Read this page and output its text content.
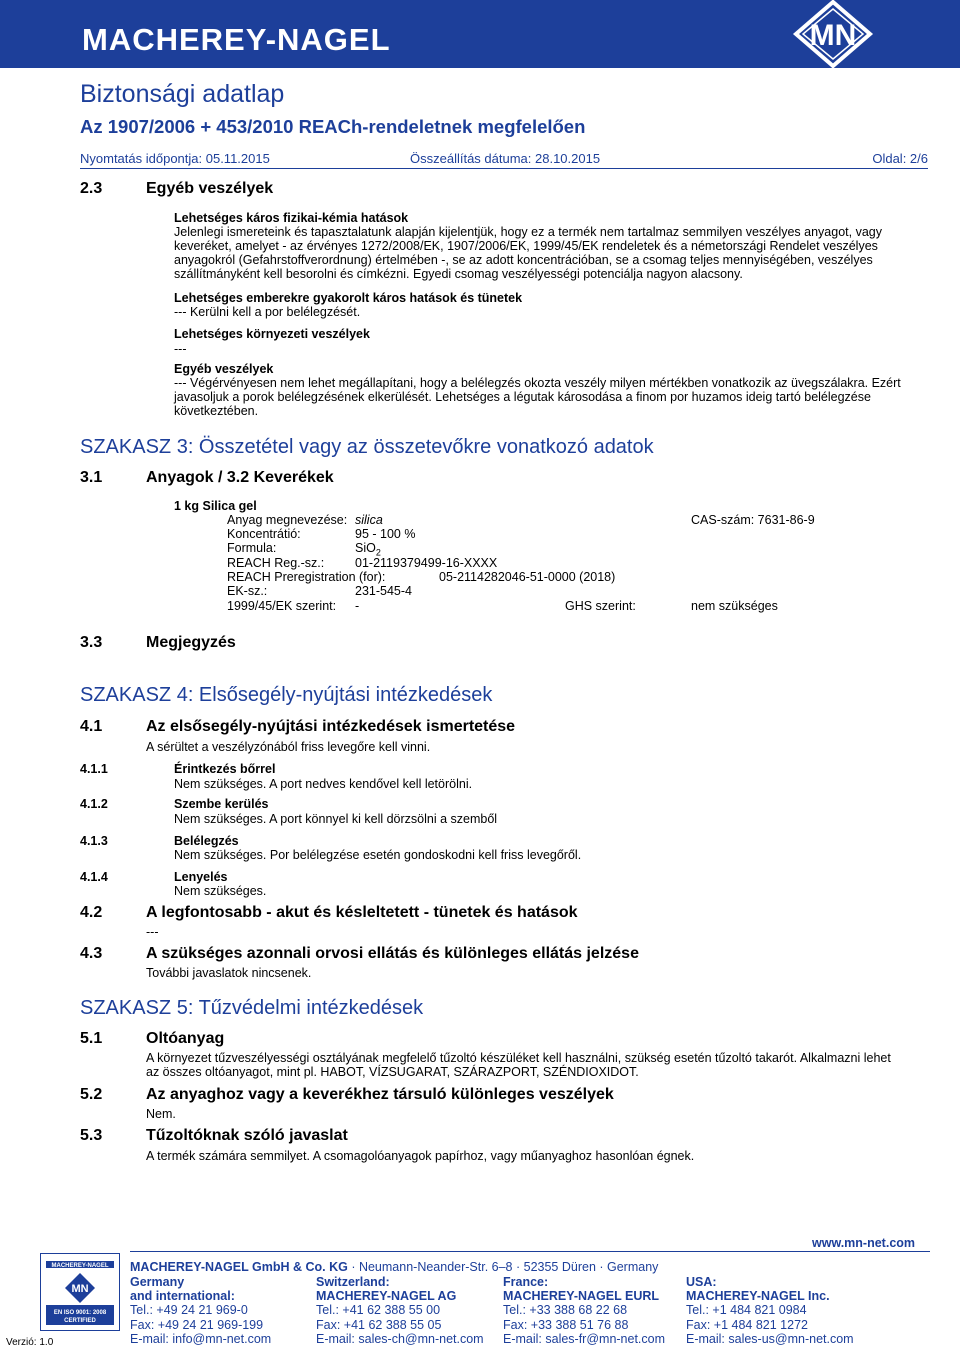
MACHEREY-NAGEL	MN
Biztonsági adatlap
Az 1907/2006 + 453/2010 REACh-rendeletnek megfelelően
Nyomtatás időpontja: 05.11.2015	Összeállítás dátuma: 28.10.2015	Oldal: 2/6
2.3	Egyéb veszélyek
Lehetséges káros fizikai-kémia hatások
Jelenlegi ismereteink és tapasztalatunk alapján kijelentjük, hogy ez a termék nem tartalmaz semmilyen veszélyes anyagot, vagy
keveréket, amelyet - az érvényes 1272/2008/EK, 1907/2006/EK, 1999/45/EK rendeletek és a németországi Rendelet veszélyes
anyagokról (Gefahrstoffverordnung) értelmében -, se az adott koncentrációban, se a csomag teljes mennyiségében, veszélyes
szállítmányként kell besorolni és címkézni. Egyedi csomag veszélyességi potenciálja nagyon alacsony.
Lehetséges emberekre gyakorolt káros hatások és tünetek
--- Kerülni kell a por belélegzését.
Lehetséges környezeti veszélyek
---
Egyéb veszélyek
--- Végérvényesen nem lehet megállapítani, hogy a belélegzés okozta veszély milyen mértékben vonatkozik az üvegszálakra. Ezért
javasoljuk a porok belélegzésének elkerülését. Lehetséges a légutak károsodása a finom por huzamos ideig tartó belélegzése
következtében.
SZAKASZ 3: Összetétel vagy az összetevőkre vonatkozó adatok
3.1	Anyagok / 3.2 Keverékek
1 kg Silica gel
Anyag megnevezése: silica	CAS-szám: 7631-86-9
Koncentrátió:	95 - 100 %
Formula:	SiO$_2$
REACH Reg.-sz.: 01-2119379499-16-XXXX
REACH Preregistration (for):	05-2114282046-51-0000 (2018)
EK-sz.:	231-545-4
1999/45/EK szerint: -	GHS szerint:	nem szükséges
3.3	Megjegyzés
SZAKASZ 4: Elsősegély-nyújtási intézkedések
4.1	Az elsősegély-nyújtási intézkedések ismertetése
A sérültet a veszélyzónából friss levegőre kell vinni.
4.1.1	Érintkezés bőrrel
Nem szükséges. A port nedves kendővel kell letörölni.
4.1.2	Szembe kerülés
Nem szükséges. A port könnyel ki kell dörzsölni a szemből
4.1.3	Belélegzés
Nem szükséges. Por belélegzése esetén gondoskodni kell friss levegőről.
4.1.4	Lenyelés
Nem szükséges.
4.2	A legfontosabb - akut és késleltetett - tünetek és hatások
---
4.3	A szükséges azonnali orvosi ellátás és különleges ellátás jelzése
További javaslatok nincsenek.
SZAKASZ 5: Tűzvédelmi intézkedések
5.1	Oltóanyag
A környezet tűzveszélyességi osztályának megfelelő tűzoltó készüléket kell használni, szükség esetén tűzoltó takarót. Alkalmazni lehet
az összes oltóanyagot, mint pl. HABOT, VÍZSUGARAT, SZÁRAZPORT, SZÉNDIOXIDOT.
5.2	Az anyaghoz vagy a keverékhez társuló különleges veszélyek
Nem.
5.3	Tűzoltóknak szóló javaslat
A termék számára semmilyet. A csomagolóanyagok papírhoz, vagy műanyaghoz hasonlóan égnek.
www.mn-net.com
MACHEREY-NAGEL GmbH & Co. KG · Neumann-Neander-Str. 6–8 · 52355 Düren · Germany
MACHEREY-NAGEL
MN
EN ISO 9001: 2008
CERTIFIED
Verzió: 1.0
Germany
and international:
Tel.: +49 24 21 969-0
Fax: +49 24 21 969-199
E-mail: info@mn-net.com
Switzerland:
MACHEREY-NAGEL AG
Tel.: +41 62 388 55 00
Fax: +41 62 388 55 05
E-mail: sales-ch@mn-net.com
France:
MACHEREY-NAGEL EURL
Tel.: +33 388 68 22 68
Fax: +33 388 51 76 88
E-mail: sales-fr@mn-net.com
USA:
MACHEREY-NAGEL Inc.
Tel.: +1 484 821 0984
Fax: +1 484 821 1272
E-mail: sales-us@mn-net.com
